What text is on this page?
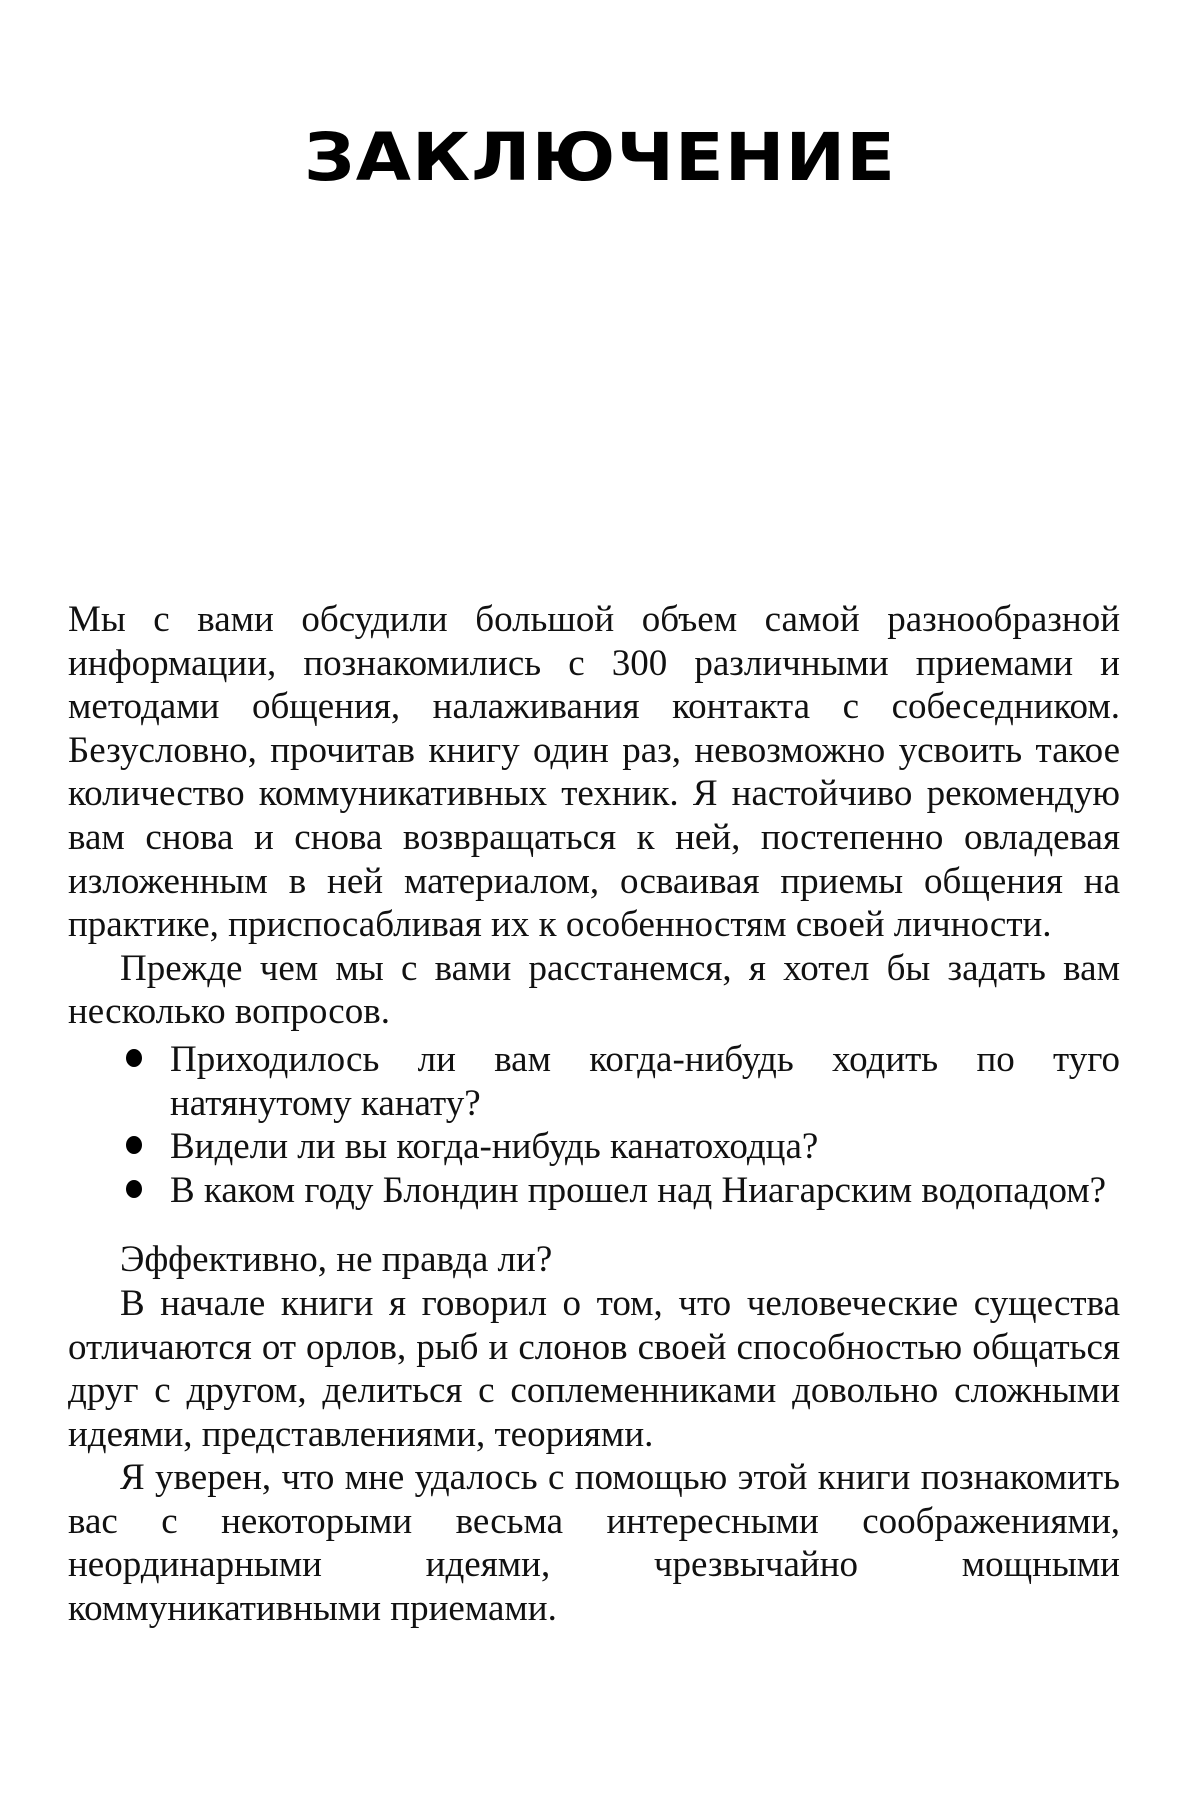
ЗАКЛЮЧЕНИЕ

Мы с вами обсудили большой объем самой разнообразной информации, познакомились с 300 различными приемами и методами общения, налаживания контакта с собеседником. Безусловно, прочитав книгу один раз, невозможно усвоить такое количество коммуникативных техник. Я настойчиво рекомендую вам снова и снова возвращаться к ней, постепенно овладевая изложенным в ней материалом, осваивая приемы общения на практике, приспосабливая их к особенностям своей личности.

Прежде чем мы с вами расстанемся, я хотел бы задать вам несколько вопросов.

Приходилось ли вам когда-нибудь ходить по туго натянутому канату?
Видели ли вы когда-нибудь канатоходца?
В каком году Блондин прошел над Ниагарским водопадом?

Эффективно, не правда ли?

В начале книги я говорил о том, что человеческие существа отличаются от орлов, рыб и слонов своей способностью общаться друг с другом, делиться с соплеменниками довольно сложными идеями, представлениями, теориями.

Я уверен, что мне удалось с помощью этой книги познакомить вас с некоторыми весьма интересными соображениями, неординарными идеями, чрезвычайно мощными коммуникативными приемами.
